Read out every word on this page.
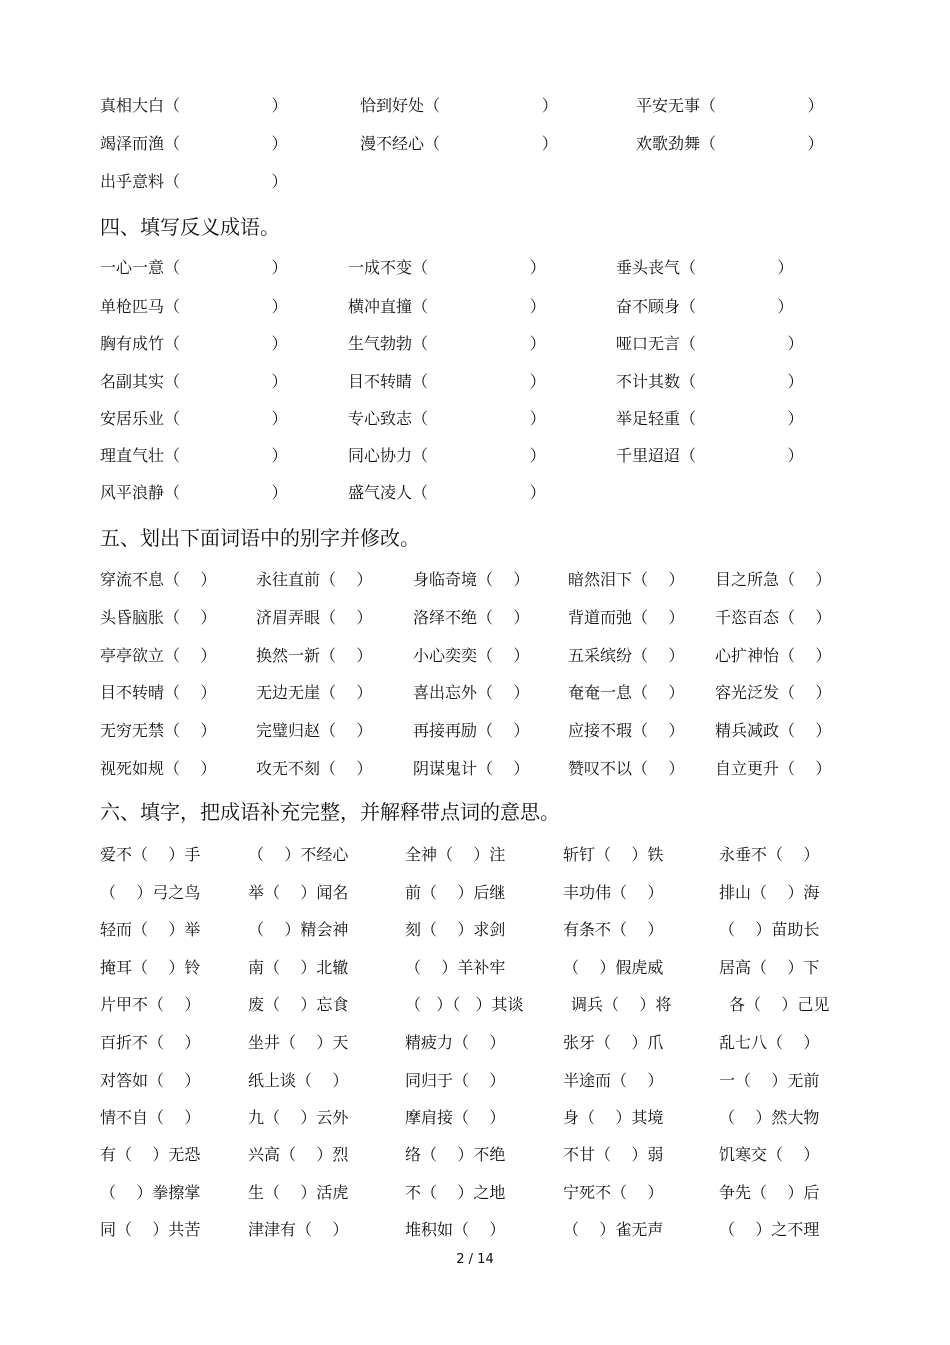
真相大白（                  ）	恰到好处（                    ）	平安无事（                  ）
竭泽而渔（                  ）	漫不经心（                    ）	欢歌劲舞（                  ）
出乎意料（                  ）
四、填写反义成语。
一心一意（                  ）	一成不变（                    ）	垂头丧气（                ）
单枪匹马（                  ）	横冲直撞（                    ）	奋不顾身（                ）
胸有成竹（                  ）	生气勃勃（                    ）	哑口无言（                  ）
名副其实（                  ）	目不转睛（                    ）	不计其数（                  ）
安居乐业（                  ）	专心致志（                    ）	举足轻重（                  ）
理直气壮（                  ）	同心协力（                    ）	千里迢迢（                  ）
风平浪静（                  ）	盛气凌人（                    ）
五、划出下面词语中的别字并修改。
穿流不息（    ） 永往直前（    ）	身临奇境（    ） 暗然泪下（    ） 目之所急（    ）
头昏脑胀（    ） 济眉弄眼（    ）	洛绎不绝（    ） 背道而弛（    ） 千恣百态（    ）
亭亭欲立（    ） 换然一新（    ）	小心奕奕（    ） 五采缤纷（    ） 心扩神怡（    ）
目不转晴（    ） 无边无崖（    ）	喜出忘外（    ） 奄奄一息（    ） 容光泛发（    ）
无穷无禁（    ） 完璧归赵（    ）	再接再励（    ） 应接不瑕（    ） 精兵减政（    ）
视死如规（    ） 攻无不刻（    ）	阴谋鬼计（    ） 赞叹不以（    ） 自立更升（    ）
六、填字，把成语补充完整，并解释带点词的意思。
爱不（    ）手	（    ）不经心	全神（    ）注	斩钉（    ）铁	永垂不（    ）
（    ）弓之鸟	举（    ）闻名	前（    ）后继	丰功伟（    ）	排山（    ）海
轻而（    ）举	（    ）精会神	刻（    ）求剑	有条不（    ）	（    ）苗助长
掩耳（    ）铃	南（    ）北辙	（    ）羊补牢	（    ）假虎威	居高（    ）下
片甲不（    ）	废（    ）忘食	（   ）（   ）其谈	调兵（    ）将	各（    ）己见
百折不（    ）	坐井（    ）天	精疲力（    ）	张牙（    ）爪	乱七八（    ）
对答如（    ）	纸上谈（    ）	同归于（    ）	半途而（    ）	一（    ）无前
情不自（    ）	九（    ）云外	摩肩接（    ）	身（    ）其境	（    ）然大物
有（    ）无恐	兴高（    ）烈	络（    ）不绝	不甘（    ）弱	饥寒交（    ）
（    ）拳擦掌	生（    ）活虎	不（    ）之地	宁死不（    ）	争先（    ）后
同（    ）共苦	津津有（    ）	堆积如（    ）	（    ）雀无声	（    ）之不理
2 / 14
